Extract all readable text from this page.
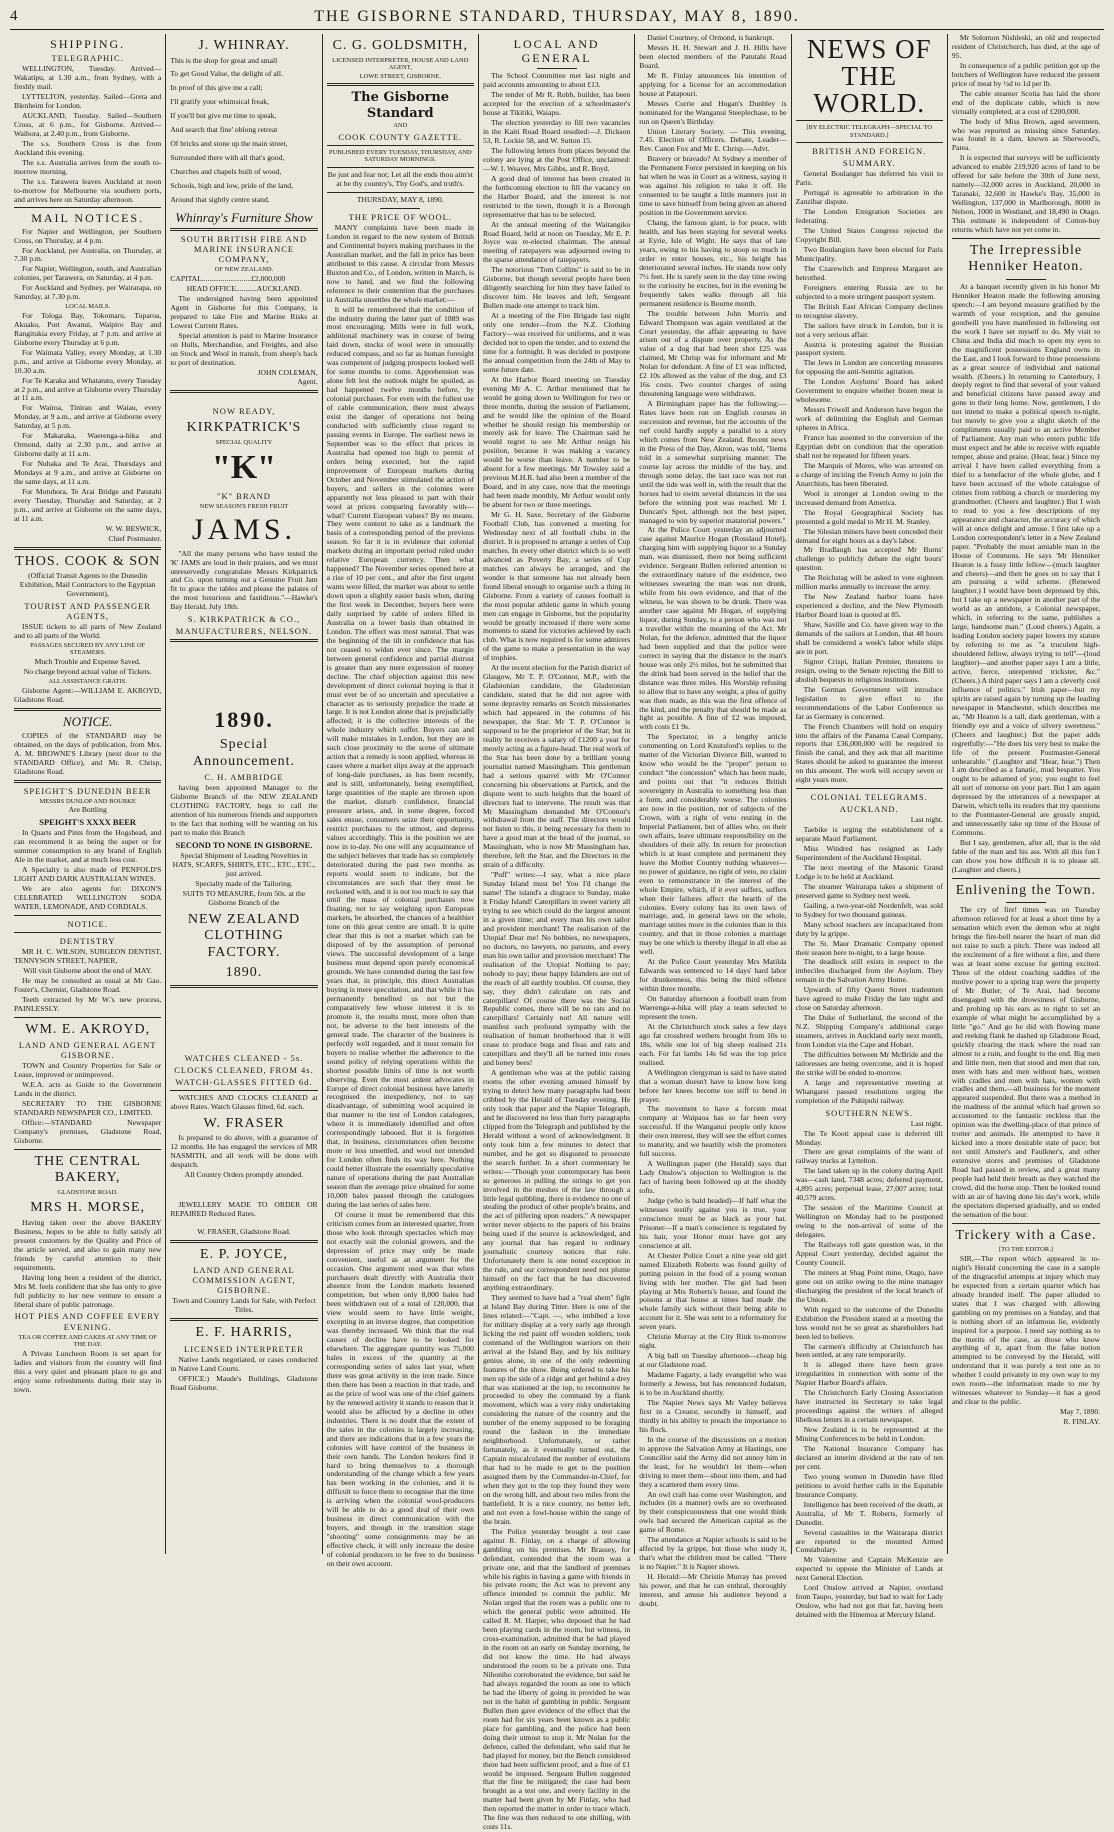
4	THE GISBORNE STANDARD, THURSDAY, MAY 8, 1890.
SHIPPING.
TELEGRAPHIC.

WELLINGTON, Tuesday. Arrived—Wakatipu, at 1.30 a.m., from Sydney, with a freshly mail.

LYTTELTON, yesterday. Sailed—Greta and Blenheim for London.

AUCKLAND, Tuesday. Sailed—Southern Cross, at 6 p.m., for Gisborne. Arrived—Waihora, at 2.40 p.m., from Gisborne.

The s.s. Southern Cross is due from Auckland this evening.

The s.s. Australia arrives from the south to-morrow morning.

The s.s. Tarawera leaves Auckland at noon to-morrow for Melbourne via southern ports, and arrives here on Saturday afternoon.

MAIL NOTICES.

For Napier and Wellington, per Southern Cross, on Thursday, at 4 p.m.

For Auckland, per Australia, on Thursday, at 7.30 p.m.

For Napier, Wellington, south, and Australian colonies, per Tarawera, on Saturday, at 4 p.m.

For Auckland and Sydney, per Wairarapa, on Saturday, at 7.30 p.m.

LOCAL MAILS.

For Tologa Bay, Tokomaru, Tuparoa, Akuaku, Port Awanui, Waipiro Bay and Rangitukia every Friday, at 7 p.m. and arrive at Gisborne every Thursday at 6 p.m.

For Waimata Valley, every Monday, at 1.30 p.m., and arrive at Gisborne every Monday, at 10.30 a.m.

For Te Karaka and Whatatutu, every Tuesday at 2 p.m., and arrive at Gisborne every Thursday at 11 a.m.

For Wairoa, Tinirau and Waiau, every Monday, at 9 a.m., and arrive at Gisborne every Saturday, at 5 p.m.

For Makaraka, Waerenga-a-hika and Ormond, daily at 2.30 p.m., and arrive at Gisborne daily at 11 a.m.

For Nuhaka and Te Arai, Thursdays and Mondays at 9 a.m., and arrive at Gisborne on the same days, at 11 a.m.

For Motuhora, Te Arai Bridge and Patutahi every Tuesday, Thursday and Saturday, at 2 p.m., and arrive at Gisborne on the same days, at 11 a.m.

W. W. BESWICK,
Chief Postmaster.
THOS. COOK & SON

(Official Transit Agents to the Dunedin Exhibition, Mail Contractors to the Egyptian Government),

TOURIST AND PASSENGER AGENTS,

ISSUE tickets to all parts of New Zealand and to all parts of the World.

PASSAGES SECURED BY ANY LINE OF STEAMERS.

Much Trouble and Expense Saved.

No charge beyond actual value of Tickets.

ALL ASSISTANCE GRATIS.

Gisborne Agent:—WILLIAM E. AKROYD, Gladstone Road.

NOTICE.

COPIES of the STANDARD may be obtained, on the days of publication, from Mrs. A. M. BROWNE'S Library (next door to the STANDARD Office), and Mr. R. Chrisp, Gladstone Road.

SPEIGHT'S DUNEDIN BEER
MESSRS DUNLOP AND BOURKE

Are Bottling

SPEIGHT'S XXXX BEER

In Quarts and Pints from the Hogshead, and can recommend it as being the super or for summer consumption to any brand of English Ale in the market, and at much less cost.

A Specialty is also made of PENFOLD'S LIGHT AND DARK AUSTRALIAN WINES.

We are also agents for: DIXON'S CELEBRATED WELLINGTON SODA WATER, LEMONADE, AND CORDIALS.

NOTICE.
DENTISTRY

MR H. C. WILSON, SURGEON DENTIST, TENNYSON STREET, NAPIER,

Will visit Gisborne about the end of MAY.

He may be consulted as usual at Mr Gao. Foster's, Chemist, Gladstone Road.

Teeth extracted by Mr W.'s new process, PAINLESSLY.

WM. E. AKROYD,
LAND AND GENERAL AGENT GISBORNE.

TOWN and Country Properties for Sale or Lease, improved or unimproved.

W.E.A. acts as Guide to the Government Lands in the district.

SECRETARY TO THE GISBORNE STANDARD NEWSPAPER CO., LIMITED.

Office:—STANDARD Newspaper Company's premises, Gladstone Road, Gisborne.

THE CENTRAL BAKERY,
GLADSTONE ROAD.
MRS H. MORSE,

Having taken over the above BAKERY Business, hopes to be able to fully satisfy all present customers by the Quality and Price of the article served, and also to gain many new friends by careful attention to their requirements.

Having long been a resident of the district, Mrs M. feels confident that she has only to give full publicity to her new venture to ensure a liberal share of public patronage.

HOT PIES AND COFFEE EVERY EVENING.
TEA OR COFFEE AND CAKES AT ANY TIME OF THE DAY.

A Private Luncheon Room is set apart for ladies and visitors from the country will find this a very quiet and pleasant place to go and enjoy some refreshments during their stay in town.

J. WHINRAY.

This is the shop for great and small

To get Good Value, the delight of all.

In proof of this give me a call;

I'll gratify your whimsical freak,

If you'll but give me time to speak,

And search that fine' oblong retreat

Of bricks and stone up the main street,

Surrounded there with all that's good,

Churches and chapels built of wood,

Schools, high and low, pride of the land,

Around that sightly centre stand.

Whinray's Furniture Show
SOUTH BRITISH FIRE AND MARINE INSURANCE COMPANY,
OF NEW ZEALAND.

CAPITAL..........................£2,000,000

HEAD OFFICE...........AUCKLAND.

The undersigned having been appointed Agent in Gisborne for this Company, is prepared to take Fire and Marine Risks at Lowest Current Rates.

Special attention is paid to Marine Insurance on Hulls, Merchandise, and Freights, and also on Stock and Wool in transit, from sheep's back to port of destination.

JOHN COLEMAN,
Agent.
NOW READY,
KIRKPATRICK'S
SPECIAL QUALITY
"K"
"K" BRAND
NEW SEASON'S FRESH FRUIT
JAMS.

"All the many persons who have tested the 'K' JAMS are loud in their praises, and we must unreservedly congratulate Messrs Kirkpatrick and Co. upon turning out a Genuine Fruit Jam fit to grace the tables and please the palates of the most luxurious and fastidious."—Hawke's Bay Herald, July 18th.

S. KIRKPATRICK & CO.,
MANUFACTURERS, NELSON.
1890.
Special Announcement.
C. H. AMBRIDGE

having been appointed Manager to the Gisborne Branch of the NEW ZEALAND CLOTHING FACTORY, begs to call the attention of his numerous friends and supporters to the fact that nothing will be wanting on his part to make this Branch

SECOND TO NONE IN GISBORNE.

Special Shipment of Leading Novelties in HATS, SCARFS, SHIRTS, ETC., ETC., ETC., just arrived.

Specialty made of the Tailoring.

SUITS TO MEASURE, from 50s. at the Gisborne Branch of the

NEW ZEALAND CLOTHING FACTORY.
1890.
WATCHES CLEANED - 5s.
CLOCKS CLEANED, FROM 4s.
WATCH-GLASSES FITTED 6d.

WATCHES AND CLOCKS CLEANED at above Rates. Watch Glasses fitted, 6d. each.

W. FRASER

Is prepared to do above, with a guarantee of 12 months. He has engaged the services of MR NASMITH, and all work will be done with despatch.

All Country Orders promptly attended.

JEWELLERY MADE TO ORDER OR REPAIRED Reduced Rates.

W. FRASER, Gladstone Road.

E. P. JOYCE,
LAND AND GENERAL COMMISSION AGENT, GISBORNE.

Town and Country Lands for Sale, with Perfect Titles.

E. F. HARRIS,
LICENSED INTERPRETER

Native Lands negotiated, or cases conducted in Native Land Courts.

OFFICE:) Maude's Buildings, Gladstone Road Gisborne.

C. G. GOLDSMITH,
LICENSED INTERPRETER, HOUSE AND LAND AGENT,
LOWE STREET, GISBORNE.
The Gisborne Standard
AND
COOK COUNTY GAZETTE.
PUBLISHED EVERY TUESDAY, THURSDAY, AND SATURDAY MORNINGS.

Be just and fear not; Let all the ends thou aim'st at be thy country's, Thy God's, and truth's.

THURSDAY, MAY 8, 1890.

THE PRICE OF WOOL.

MANY complaints have been made in London in regard to the new system of British and Continental buyers making purchases in the Australian market, and the fall in price has been attributed to this cause. A circular from Messrs Buxton and Co., of London, written in March, is now to hand, and we find the following reference to their contention that the purchases in Australia unsettles the whole market:—

It will be remembered that the condition of the industry during the latter part of 1889 was most encouraging. Mills were in full work, additional machinery was in course of being laid down, stocks of wool were in unusually reduced compass, and so far as human foresight was competent of judging prospects looked well for some months to come. Apprehension was alone felt lest the outlook might be spoiled, as had happened twelve months before, by colonial purchases. For even with the fullest use of cable communication, there must always exist the danger of operations not being conducted with sufficiently close regard to passing events in Europe. The earliest news in September was to the effect that prices in Australia had opened too high to permit of orders being executed, but the rapid improvement of European markets during October and November stimulated the action of buyers, and sellers in the colonies were apparently not less pleased to part with their wool at prices comparing favorably with—what? Current European values? By no means. They were content to take as a landmark the basis of a corresponding period of the previous season. So far it is in evidence that colonial markets during an important period ruled under relative European currency. Then what happened? The November series opened here at a rise of 10 per cent., and after the first urgent wants were filled, the market was about to settle down upon a slightly easier basis when, during the first week in December, buyers here were daily surprised by cable of orders filled in Australia on a lower basis than obtained in London. The effect was most natural. That was the beginning of the tilt in confidence that has not ceased to widen ever since. The margin between general confidence and partial distrust is greater than any mere expression of money decline. The chief objection against this new development of direct colonial buying is that it must ever be of so uncertain and speculative a character as to seriously prejudice the trade at large. It is not London alone that is prejudicially affected; it is the collective interests of the whole industry which suffer. Buyers can and will make mistakes in London, but they are in such close proximity to the scene of ultimate action that a remedy is soon applied, whereas in cases where a market slips away at the approach of long-dale purchases, as has been recently, and is still, unfortunately, being exemplified, large quantities of the staple are thrown upon the market, disturb confidence, financial pressure arises, and, in some degree, forced sales ensue, consumers seize their opportunity, restrict purchases to the utmost, and depress values accordingly. This is the position we are now in to-day. No one will any acquaintance of the subject believes that trade has so completely deteriorated during the past two months as reports would seem to indicate, but the circumstances are such that they must be reckoned with, and it is not too much to say that until the mass of colonial purchases now floating, not to say weighing upon European markets, be absorbed, the chances of a healthier tone on this great centre are small. It is quite clear that this is not a market which can be disposed of by the assumption of personal views. The successful development of a large business must depend upon purely economical grounds. We have contended during the last few years that, in principle, this direct Australian buying is mere speculation, and that while it has permanently benefited us not but the comparatively few whose interest it is to promote it, the results must, more often than not, be adverse to the best interests of the general trade. The character of the business is perfectly well regarded, and it must remain for buyers to realise whether the adherence to the sound policy of relying operations within the shortest possible limits of time is not worth observing. Even the most ardent advocates in Europe of direct colonial business have latterly recognised the inexpediency, not to say disadvantage, of submitting wool acquired in that manner to the test of London catalogues, where it is immediately identified and often correspondingly tabooed. But it is forgotten that, in business, circumstances often become more or less unsettled, and wool not intended for London often finds its way here. Nothing could better illustrate the essentially speculative nature of operations during the past Australian season than the average price obtained for some 10,000 bales passed through the catalogues during the last series of sales here.

Of course it must be remembered that this criticism comes from an interested quarter, from those who look through spectacles which may not exactly suit the colonial growers, and the depression of price may only be made convenient, useful as an argument for the occasion. One argument used was that when purchasers dealt directly with Australia their absence from the London markets lessened competition, but when only 8,000 bales had been withdrawn out of a total of 120,000, that view would seem to have little weight, excepting in an inverse degree, that competition was thereby increased. We think that the real causes of decline have to be looked for elsewhere. The aggregate quantity was 75,000 bales in excess of the quantity at the corresponding series of sales last year, when there was great activity in the iron trade. Since then there has been a reaction in that trade, and as the price of wool was one of the chief gainers by the renewed activity it stands to reason that it would also be affected by a decline in other industries. There is no doubt that the extent of the sales in the colonies is largely increasing, and there are indications that in a few years the colonies will have control of the business in their own hands. The London brokers find it hard to bring themselves to a thorough understanding of the change which a few years has been working in the colonies, and it is difficult to force them to recognise that the time is arriving when the colonial wool-producers will be able to do a good deal of their own business in direct communication with the buyers, and though in the transition stage "shooting" some consignments may be an effective check, it will only increase the desire of colonial producers to be free to do business on their own account.

LOCAL AND GENERAL

The School Committee met last night and paid accounts amounting to about £13.

The tender of Mr R. Robb, builder, has been accepted for the erection of a schoolmaster's house at Tikitiki, Waiapu.

The election yesterday to fill two vacancies in the Kaiti Road Board resulted:—J. Dickson 53, R. Lockie 58, and W. Sutton 15.

The following letters from places beyond the colony are lying at the Post Office, unclaimed:—W. I. Weaver, Mrs Gibbs, and R. Boyd.

A good deal of interest has been created in the forthcoming election to fill the vacancy on the Harbor Board, and the interest is not restricted to the town, though it is a Borough representative that has to be selected.

At the annual meeting of the Waitangiko Road Board, held at noon on Tuesday, Mr E. P. Joyce was re-elected chairman. The annual meeting of ratepayers was adjourned owing to the sparse attendance of ratepayers.

The notorious "Tom Collins" is said to be in Gisborne, but though several people have been diligently searching for him they have failed to discover him. He leaves and left, Sergeant Bullen made one attempt to track him.

At a meeting of the Fire Brigade last night only one tender—from the N.Z. Clothing Factory—was received for uniforms, and it was decided not to open the tender, and to extend the time for a fortnight. It was decided to postpone the annual competition from the 24th of May to some future date.

At the Harbor Board meeting on Tuesday evening Mr A. C. Arthur mentioned that he would be going down to Wellington for two or three months, during the session of Parliament, and he would like the opinion of the Board whether he should resign his membership or merely ask for leave. The Chairman said he would regret to see Mr Arthur resign his position, because it was making a vacancy would be worse than leave. A number to be absent for a few meetings. Mr Towsley said a previous M.H.R. had also been a member of the Board, and in any case, now that the meetings had been made monthly, Mr Arthur would only be absent for two or three meetings.

Mr G. H. Saxe, Secretary of the Gisborne Football Club, has convened a meeting for Wednesday next of all football clubs in the district. It is proposed to arrange a series of Cup matches. In every other district which is so well advanced as Poverty Bay, a series of Cup matches can always be arranged, and the wonder is that someone has not already been found liberal enough to organise such a thing in Gisborne. From a variety of causes football is the most popular athletic game in which young men can engage in Gisborne, but the popularity would be greatly increased if there were some moments to stand for victories achieved by each club. What is now required is for some admirers of the game to make a presentation in the way of trophies.

At the recent election for the Parish district of Glasgow, Mr T. P. O'Connor, M.P., with the Gladstonian candidate, the Gladstonian candidate, stated that he did not agree with some depravity remarks on Scotch missionaries which had appeared in the columns of his newspaper, the Star. Mr T. P. O'Connor is supposed to be the proprietor of the Star; but in reality he receives a salary of £1200 a year for merely acting as a figure-head. The real work of the Star has been done by a brilliant young journalist named Massingham. This gentleman had a serious quarrel with Mr O'Connor concerning his observations at Partick, and the dispute went to such heights that the board of directors had to intervene. The result was that Mr Massingham demanded Mr O'Connor's withdrawal from the staff. The directors would not listen to this, it being necessary for them to have a good man at the head of the journal, so Massingham, who is now Mr Massingham has, therefore, left the Star, and the Directors in the strain of a difficulty.

"Puff" writes:—I say, what a nice place Sunday Island must be! You I'd change the name! The island's a disgrace to Sunday, make it Friday Island! Caterpillars in sweet variety all trying to see which could do the largest amount in a given time; and every man his own tailor and provident merchant! The realisation of the Utopia! Dear me! No bobbies, no newspapers, no doctors, no lawyers, no parsons, and every man his own tailor and provision merchant! The realisation of the Utopia! Nothing to pay; nobody to pay; these happy Islanders are out of the reach of all earthly troubles. Of course, they say, they didn't calculate on rats and caterpillars! Of course there was the Social Republic comes, there will be no rats and no caterpillars! Certainly not! All nature will manifest such profound sympathy with the realisation of human brotherhood that it will cease to produce bugs and fleas and rats and caterpillars and they'll all be turned into roses and honey bees!

A gentleman who was at the public raising rooms the other evening amused himself by trying to detect how many paragraphs had been cribbed by the Herald of Tuesday evening. He only took that paper and the Napier Telegraph, and he discovered no less than forty paragraphs clipped from the Telegraph and published by the Herald without a word of acknowledgment. It only took him a few minutes to detect that number, and he got so disgusted to prosecute the search further. In a short commentary he writes:—"Though your contemporary has been so generous in pulling the strings to get you involved in the meshes of the law through a little legal quibbling, there is evidence no one of stealing the product of other people's brains, and the act of pilfering upon readers." A newspaper writer never objects to the papers of his brains being used if the source is acknowledged, and any journal that has regard to ordinary journalistic courtesy notices that rule. Unfortunately there is one noted exception in the rule, and our correspondent need not plume himself on the fact that he has discovered anything extraordinary.

They seemed to have had a "real shem" fight at Island Bay during Titter. Here is one of the lines related:—"Capt. —, who imbibed a love for military display at a very early age through licking the red paint off wooden soldiers, took command of the Wellington warriors on their arrival at the Island Bay, and by his military genius alone, in one of the only redeeming features of the show. Being ordered to take his men up the side of a ridge and get behind a drey that was stationed at the top, to reconnoitre he proceeded to obey the command by a flank movement, which was a very risky undertaking considering the nature of the country and the number of the enemy supposed to be foraging round the fashion in the immediate neighborhood. Unfortunately, or rather fortunately, as it eventually turned out, the Captain miscalculated the number of evolutions that had to be made to get to the position assigned them by the Commander-in-Chief, for when they got to the top they found they were on the wrong hill, and about two miles from the battlefield. It is a nice country, no better left, and not even a fowl-house within the range of the brain.

The Police yesterday brought a test case against R. Finlay, on a charge of allowing gambling on his premises. Mr Brassey, for defendant, contended that the room was a private one, and that the landlord of premises while his rights in having a game with friends in his private room; the Act was to prevent any offence intended to commit the public. Mr Nolan urged that the room was a public one to which the general public were admitted. He called R. M. Harper, who deposed that he had been playing cards in the room, but witness, in cross-examination, admitted that he had played in the room on an early on Sunday morning, he did not know the time. He had always understood the room to be a private one. Tuta Nihoniho corroborated the evidence, but said he had always regarded the room as one to which he had the liberty of going in provided he was not in the habit of gambling in public. Sergeant Bullen then gave evidence of the effect that the room had for six years been known as a public place for gambling, and the police had been doing their utmost to stop it. Mr Nolan for the defence, called the defendant, who said that he had played for money, but the Bench considered there had been sufficient proof, and a fine of £1 would be imposed. Sergeant Bullen suggested that the fine be mitigated; the case had been brought as a test one, and every facility in the matter had been given by Mr Finlay, who had then reported the matter in order to trace which. The fine was then reduced to one shilling, with costs 11s.

Daniel Courtney, of Ormond, is bankrupt.

Messrs H. H. Stewart and J. H. Hills have been elected members of the Patutahi Road Board.

Mr R. Finlay announces his intention of applying for a license for an accommodation house at Patapouri.

Messrs Currie and Hogan's Dunbley is nominated for the Wanganui Steeplechase, to be run on Queen's Birthday.

Union Literary Society. — This evening, 7.45. Election of Officers. Debate, Leader—Rev. Canon Fox and Mr E. Chrisp.—Advt.

Bravery or bravado? At Sydney a member of the Permanent Force persisted in keeping on his hat when he was in Court as a witness, saying it was against his religion to take it off. He consented to be taught a little manners just in time to save himself from being given an altered position in the Government service.

Chang, the famous giant, is for peace, with health, and has been staying for several weeks at Eyrie, Isle of Wight. He says that of late years, owing to his having to stoop so much in order to enter houses, etc., his height has deteriorated several inches. He stands now only 7½ feet. He is rarely seen in the day time owing to the curiosity he excites, but in the evening he frequently takes walks through all his permanent residence is Bourne month.

The trouble between John Morris and Edward Thompson was again ventilated at the Court yesterday, the affair appearing to have arisen out of a dispute over property. As the value of a dog that had been shot £25 was claimed, Mr Chrisp was for informant and Mr Nolan for defendant. A fine of £1 was inflicted, £2 10s allowed as the value of the dog, and £3 16s costs. Two counter charges of using threatening language were withdrawn.

A Birmingham paper has the following:—Rates have been run on English courses in succession and revenue, but the accounts of the turf could hardly supply a parallel to a story which comes from New Zealand. Recent news in the Press of the Day, Akron, was told, "Items told in a somewhat surprising manner. The course lay across the middle of the bay, and through some delay, the last race was not run until the tide was well in, with the result that the horses had to swim several distances in the sea before the winning post was reached. Mr J. Duncan's Spot, although not the best paper, managed to win by superior matatorial powers."

At the Police Court yesterday an adjourned case against Maurice Hogan (Rosslaud Hotel), charging him with supplying liquor to a Sunday man, was dismissed, there not being sufficient evidence. Sergeant Bullen referred attention to the extraordinary nature of the evidence, two witnesses swearing the man was not drunk, while from his own evidence, and that of the witness, he was shown to be drunk. There was another case against Mr Hogan, of supplying liquor, during Sunday, to a person who was not a traveller within the meaning of the Act. Mr Nolan, for the defence, admitted that the liquor had been supplied and that the police were correct in saying that the distance to the man's house was only 2½ miles, but he submitted that the drink had been served in the belief that the distance was three miles. His Worship refusing to allow that to have any weight, a plea of guilty was then made, as this was the first offence of the kind, and the penalty that should be made as light as possible. A fine of £2 was imposed, with costs £1 9s.

The Spectator, in a lengthy article commenting on Lord Knutsford's replies to the matter of the Victorian Divorce Bill, wanted to know who would be the "proper" person to conduct "the concession" which has been made, and points out that "it reduces British sovereignty in Australia to something less than a form, and considerably worse. The colonies are now in the position, not of subjects of the Crown, with a right of veto resting in the Imperial Parliament, but of allies who, on their own affairs, leave ultimate responsibility on the shoulders of their ally. In return for protection which is at least complete and permanent they leave the Mother Country nothing whatever—no power of guidance, no right of veto, no claim even to remonstrance in the interest of the whole Empire, which, if it ever suffers, suffers when their failures affect the hearth of the colonies. Every colony has its own laws of marriage, and, in general laws on the whole, marriage unites more in the colonies than in this country, and that in those colonies a marriage may be one which is thereby illegal in all else as well.

At the Police Court yesterday Mrs Matilda Edwards was sentenced to 14 days' hard labor for drunkenness, this being the third offence within three months.

On Saturday afternoon a football team from Waerenga-a-hika will play a team selected to represent the town.

At the Christchurch stock sales a few days ago fat crossbred wethers brought from 10s to 18s, while one lot of big sheep realised 21s each. For fat lambs 14s 6d was the top price realised.

A Wellington clergyman is said to have stated that a woman doesn't have to know how long before her knees become too stiff to bend in prayer.

The movement to have a forcem meat company at Waipaoa has so far been very successful. If the Wanganui people only know their own interest, they will see the effort comes to maturity, and we heartily wish the promoters full success.

A Wellington paper (the Herald) says that Lady Onslow's objection to Wellington is the fact of having been followed up at the shoddy tofts.

Judge (who is bald headed)—If half what the witnesses testify against you is true, your conscience must be as black as your hat. Prisoner—If a man's conscience is regulated by his hair, your Honor must have got any conscience at all.

At Chester Police Court a nine year old girl named Elizabeth Roberts was found guilty of putting poison in the food of a young woman living with her mother. The girl had been playing at Mrs Roberts's house, and found the poisons at that house at times had made the whole family sick without their being able to account for it. She was sent to a reformatory for seven years.

Christie Murray at the City Rink to-morrow night.

A big ball on Tuesday afternoon—cheap big at our Gladstone road.

Madame Fagarty, a lady evangelist who was formerly a Jewess, but has renounced Judaism, is to be in Auckland shortly.

The Napier News says Mr Varley believes first in a Creator, secondly in himself, and thirdly in his ability to preach the importance to his flock.

In the course of the discussions on a motion to approve the Salvation Army at Hastings, one Councillor said the Army did not annoy him in the least, for he wouldn't let them—when driving to meet them—shout into them, and had they a scattered them every time.

An owl craft has come over Washington, and includes (in a manner) owls are so overheated by their conspicuousness that one would think owls had secured the American capital as the game of Rome.

The attendance at Napier schools is said to be affected by la grippe, but those who study it, that's what the children must be called. "There is no Napier." It is Napier shows.

H. Herald:—Mr Christie Murray has proved his power, and that he can enthral, thoroughly interest, and amuse his audience beyond a doubt.

NEWS OF THE WORLD.
[BY ELECTRIC TELEGRAPH—SPECIAL TO STANDARD.]
BRITISH AND FOREIGN.
SUMMARY.

General Boulanger has deferred his visit to Paris.

Portugal is agreeable to arbitration in the Zanzibar dispute.

The London Emigration Societies are federating.

The United States Congress rejected the Copyright Bill.

Two Boulangists have been elected for Paris Municipality.

The Czarewitch and Empress Margaret are betrothed.

Foreigners entering Russia are to be subjected to a more stringent passport system.

The British East African Company declines to recognise slavery.

The sailors have struck in London, but it is not a very serious affair.

Austria is protesting against the Russian passport system.

The Jews in London are concerting measures for opposing the anti-Semitic agitation.

The London Asylums' Board has asked Government to enquire whether frozen meat is wholesome.

Messrs Friwell and Anderson have begun the work of delimiting the English and German spheres in Africa.

France has assented to the conversion of the Egyptian debt on condition that the operation shall not be repeated for fifteen years.

The Marquis of Mores, who was arrested on a charge of inciting the French Army to join the Anarchists, has been liberated.

Wool is stronger at London owing to the increased demand from America.

The Royal Geographical Society has presented a gold medal to Mr H. M. Stanley.

The Silesian miners have been conceded their demand for eight hours as a day's labor.

Mr Bradlaugh has accepted Mr Burns' challenge to publicly debate the eight hours' question.

The Reichstag will be asked to vote eighteen million marks annually to increase the army.

The New Zealand harbor loans have experienced a decline, and the New Plymouth Harbor Board loan is quoted at 85.

Shaw, Saville and Co. have given way to the demands of the sailors at London, that 48 hours shall be considered a week's labor while ships are in port.

Signor Crispi, Italian Premier, threatens to resign, owing to the Senate rejecting the Bill to abolish bequests to religious institutions.

The German Government will introduce legislation to give effect to the recommendations of the Labor Conference so far as Germany is concerned.

The French Chambers will hold on enquiry into the affairs of the Panama Canal Company, reports that £36,000,000 will be required to finish the canal, and they ask that all maritime States should be asked to guarantee the interest on this amount. The work will occupy seven or eight years more.

COLONIAL TELEGRAMS.
AUCKLAND.
Last night.

Taebike is urging the establishment of a separate Maori Parliament.

Miss Windred has resigned as Lady Superintendent of the Auckland Hospital.

The next meeting of the Masonic Grand Lodge is to be held at Auckland.

The steamer Wairarapa takes a shipment of preserved game to Sydney next week.

Gailing, a two-year-old Nordenfelt, was sold to Sydney for two thousand guineas.

Many school teachers are incapacitated from duty by la grippe.

The St. Maur Dramatic Company opened their season here to-night, to a large house.

The deadlock still exists in respect to the imbeciles discharged from the Asylum. They remain in the Salvation Army Home.

Upwards of fifty Queen Street tradesmen have agreed to make Friday the late night and close on Saturday afternoon.

The Duke of Sutherland, the second of the N.Z. Shipping Company's additional cargo steamers, arrives in Auckland early next month, from London via the Cape and Hobart.

The difficulties between Mr McBride and the tailoresses are being overcome, and it is hoped the strike will be ended to-morrow.

A large and representative meeting at Whangarei passed resolutions urging the completion of the Puhipuhi railway.

SOUTHERN NEWS.
Last night.

The Te Kooti appeal case is deferred till Monday.

There are great complaints of the want of railway trucks at Lyttelton.

The land taken up in the colony during April was—cash land, 7348 acres; deferred payment, 4,895 acres; perpetual lease, 27,007 acres; total 40,579 acres.

The session of the Maritime Council at Wellington on Monday had to be postponed owing to the non-arrival of some of the delegates.

The Railways toll gate question was, in the Appeal Court yesterday, decided against the County Council.

The miners at Shag Point mine, Otago, have gone out on strike owing to the mine manager discharging the president of the local branch of the Union.

With regard to the outcome of the Dunedin Exhibition the President stated at a meeting the loss would not be so great as shareholders had been led to believe.

The carmen's difficulty at Christchurch has been settled, at any rate temporarily.

It is alleged there have been grave irregularities in connection with some of the Napier Harbor Board's affairs.

The Christchurch Early Closing Association have instructed its Secretary to take legal proceedings against the writers of alleged libellous letters in a certain newspaper.

New Zealand is to be represented at the Mining Conferences to be held in London.

The National Insurance Company has declared an interim dividend at the rate of ten per cent.

Two young women in Dunedin have filed petitions to avoid further calls in the Equitable Insurance Company.

Intelligence has been received of the death, at Australia, of Mr T. Roberts, formerly of Dunedin.

Several casualties in the Wairarapa district are reported to the mounted Armed Constabulary.

Mr Valentine and Captain McKenzie are expected to oppose the Minister of Lands at next General Election.

Lord Onslow arrived at Napier, overland from Taupo, yesterday, but had to wait for Lady Onslow, who had not got that far, having been detained with the Hinemoa at Mercury Island.

Mr Solomon Nishleski, an old and respected resident of Christchurch, has died, at the age of 95.

In consequence of a public petition got up the butchers of Wellington have reduced the present price of meat by ½d to 1d per lb.

The cable steamer Scotia has laid the shore end of the duplicate cable, which is now virtually completed, at a cost of £200,000.

The body of Miss Brown, aged seventeen, who was reported as missing since Saturday, was found in a dam, known as Sherwood's, Patea.

It is expected that surveys will be sufficiently advanced to enable 219,920 acres of land to be offered for sale before the 30th of June next, namely—32,000 acres in Auckland, 20,000 in Taranaki, 32,600 in Hawke's Bay, 35,000 in Wellington, 137,000 in Marlborough, 8000 in Nelson, 1000 in Westland, and 18,490 in Otago. This estimate is independent of Cotton-buy returns which have not yet come in.

The Irrepressible Henniker Heaton.

At a banquet recently given in his honor Mr Henniker Heaton made the following amusing speech:—I am beyond measure gratified by the warmth of your reception, and the genuine goodwill you have manifested in following out the work I have set myself to do. My visit to China and India did much to open my eyes to the magnificent possessions England owns in the East, and I look forward to those possessions as a great source of individual and national wealth. (Cheers.) In returning to Canterbury, I deeply regret to find that several of your valued and beneficial citizens have passed away and gone to their long home. Now, gentlemen, I do not intend to make a political speech to-night, but merely to give you a slight sketch of the compliments usually paid to an active Member of Parliament. Any man who enters public life must expect and be able to receive with equable temper, abuse and praise. (Hear, hear.) Since my arrival I have been called everything from a thief to a benefactor of the whole globe, and I have been accused of the whole catalogue of crimes from robbing a church or murdering my grandmother. (Cheers and laughter.) But I wish to read to you a few descriptions of my appearance and character, the accuracy of which will at once delight and amuse. I first take up a London correspondent's letter in a New Zealand paper. "Probably the most amiable man in the House of Commons. He says 'Mr Henniker Heaton is a fussy little fellow—(much laughter and cheers)—and then he goes on to say that I am pursuing a wild scheme. (Renewed laughter.) I would have been depressed by this, but I take up a newspaper in another part of the world as an antidote, a Colonial newspaper, which, in referring to the same, publishes a large, handsome man." (Loud cheers.) Again, a leading London society paper lowers my stature by referring to me as "a truculent high-shouldered fellow, always trying to tell"—(loud laughter)—and another paper says I am a little, active, fierce, unrepented trickster, &c." (Cheers.) A third paper says I am a cleverly cool influence of politics." Irish paper—but my spirits are raised again by turning up the leading newspaper in Manchester, which describes me as, "Mr Heaton is a tall, dark gentleman, with a friendly eye and a voice of silvery sweetness." (Cheers and laughter.) But the paper adds regretfully:—"He does his very best to make the life of the present Postmaster-General unbearable." (Laughter and "Hear, hear.") Then I am described as a fanatic, mud bespatter. You ought to be ashamed of you; you ought to feel all sort of remorse on your part. But I am again depressed by the utterances of a newspaper at Darwin, which tells its readers that my questions to the Postmaster-General are grossly stupid, and unnecessarily take up time of the House of Commons.

But I say, gentlemen, after all, that is the old fable of the man and his ass. With all this fun I can show you how difficult it is to please all. (Laughter and cheers.)

Enlivening the Town.

The cry of fire! times was on Tuesday afternoon relieved for at least a short time by a sensation which even the demon who at night brings the fire-bell nearer the heart of man did not raise to such a pitch. There was indeed all the excitement of a fire without a fire, and there was at least some excuse for getting excited. Three of the oldest coaching saddles of the motive power to a spring trap were the property of Mr Butler, of Te Arai, had become disengaged with the drowsiness of Gisborne, and probing up his ears as to right to set an example of what might be accomplished by a little "go." And go he did with flowing mane and reeking flank he dashed up Gladstone Road, quickly clearing the track where the road ran almost to a ruin, and fought to the end. Big men and little men, men that stood and men that ran, men with hats and men without hats, women with cradles and men with hats, women with cradles and them,—all business for the moment appeared suspended. But there was a method in the madness of the animal which had grown so accustomed to the fantastic reckless that the opinion was the dwelling-place of that prince of trotter and animals. He attempted to have it kicked into a more desirable state of pace; but not until Amster's and Faulkner's, and other extensive stores and premises of Gladstone Road had passed in review, and a great many people had held their breath as they watched the crowd, did the horse stop. Then he looked round with an air of having done his day's work, while the spectators dispersed gradually, and so ended the sensation of the hour.

Trickery with a Case.
[TO THE EDITOR.]

SIR,—The report which appeared in to-night's Herald concerning the case in a sample of the disgraceful attempts at injury which may be expected from a certain quarter which has already branded itself. The paper alluded to states that I was charged with allowing gambling on my premises on a Sunday, and that is nothing short of an infamous lie, evidently inspired for a purpose. I need say nothing as to the merits of the case, as those who know anything of it, apart from the false notion attempted to be conveyed by the Herald, will understand that it was purely a test one as to whether I could privately in my own way to my own room—the information made to me by witnesses whatever to Sunday—it has a good and clear to the public.

May 7, 1890.
R. FINLAY.
